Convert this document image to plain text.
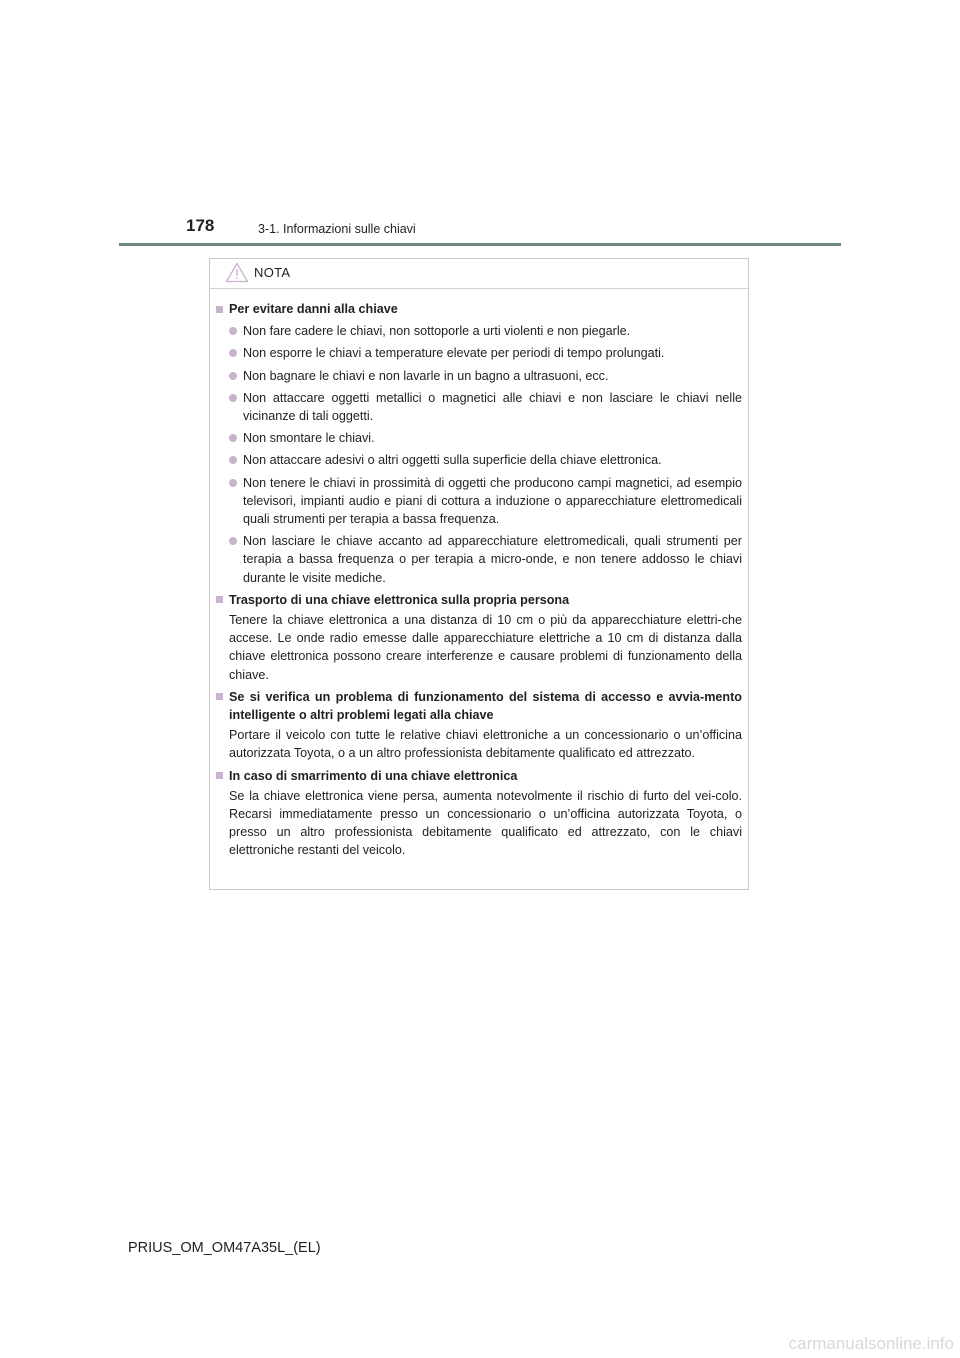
178	3-1. Informazioni sulle chiavi
NOTA
Per evitare danni alla chiave
Non fare cadere le chiavi, non sottoporle a urti violenti e non piegarle.
Non esporre le chiavi a temperature elevate per periodi di tempo prolungati.
Non bagnare le chiavi e non lavarle in un bagno a ultrasuoni, ecc.
Non attaccare oggetti metallici o magnetici alle chiavi e non lasciare le chiavi nelle vicinanze di tali oggetti.
Non smontare le chiavi.
Non attaccare adesivi o altri oggetti sulla superficie della chiave elettronica.
Non tenere le chiavi in prossimità di oggetti che producono campi magnetici, ad esempio televisori, impianti audio e piani di cottura a induzione o apparecchiature elettromedicali quali strumenti per terapia a bassa frequenza.
Non lasciare le chiave accanto ad apparecchiature elettromedicali, quali strumenti per terapia a bassa frequenza o per terapia a micro-onde, e non tenere addosso le chiavi durante le visite mediche.
Trasporto di una chiave elettronica sulla propria persona
Tenere la chiave elettronica a una distanza di 10 cm o più da apparecchiature elettri-che accese. Le onde radio emesse dalle apparecchiature elettriche a 10 cm di distanza dalla chiave elettronica possono creare interferenze e causare problemi di funzionamento della chiave.
Se si verifica un problema di funzionamento del sistema di accesso e avvia-mento intelligente o altri problemi legati alla chiave
Portare il veicolo con tutte le relative chiavi elettroniche a un concessionario o un’officina autorizzata Toyota, o a un altro professionista debitamente qualificato ed attrezzato.
In caso di smarrimento di una chiave elettronica
Se la chiave elettronica viene persa, aumenta notevolmente il rischio di furto del vei-colo. Recarsi immediatamente presso un concessionario o un’officina autorizzata Toyota, o presso un altro professionista debitamente qualificato ed attrezzato, con le chiavi elettroniche restanti del veicolo.
PRIUS_OM_OM47A35L_(EL)
carmanualsonline.info
